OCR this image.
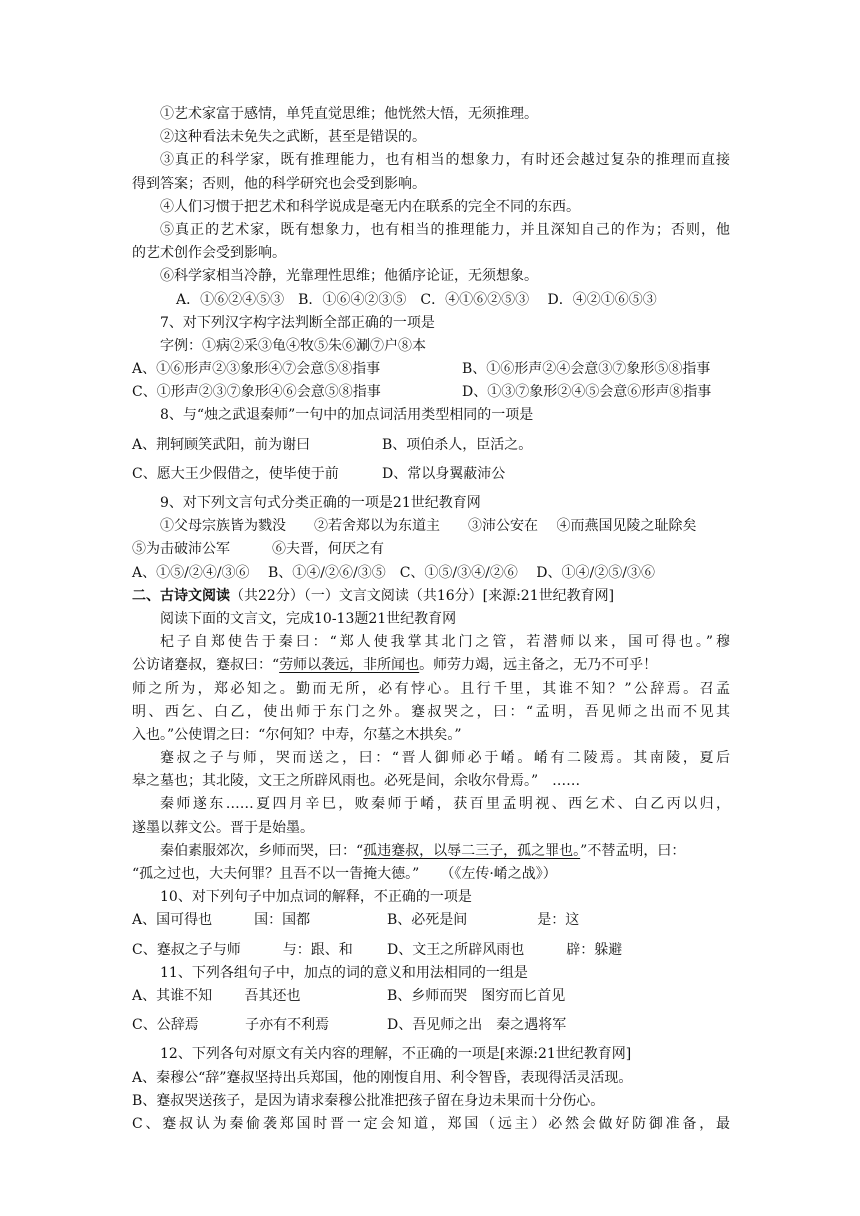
①艺术家富于感情，单凭直觉思维；他恍然大悟，无须推理。
②这种看法未免失之武断，甚至是错误的。
③真正的科学家，既有推理能力，也有相当的想象力，有时还会越过复杂的推理而直接
得到答案；否则，他的科学研究也会受到影响。
④人们习惯于把艺术和科学说成是毫无内在联系的完全不同的东西。
⑤真正的艺术家，既有想象力，也有相当的推理能力，并且深知自己的作为；否则，他
的艺术创作会受到影响。
⑥科学家相当冷静，光靠理性思维；他循序论证，无须想象。
A．①⑥②④⑤③　B．①⑥④②③⑤　C．④①⑥②⑤③　 D．④②①⑥⑤③
7、对下列汉字构字法判断全部正确的一项是
字例：①病②采③龟④牧⑤朱⑥涮⑦户⑧本
A、①⑥形声②③象形④⑦会意⑤⑧指事	B、①⑥形声②④会意③⑦象形⑤⑧指事
C、①形声②③⑦象形④⑥会意⑤⑧指事	D、①③⑦象形②④⑤会意⑥形声⑧指事
8、与“烛之武退秦师”一句中的加点词活用类型相同的一项是
A、荆轲顾笑武阳，前为谢曰	B、项伯杀人，臣活之。
C、愿大王少假借之，使毕使于前	D、常以身翼蔽沛公
9、对下列文言句式分类正确的一项是21世纪教育网
①父母宗族皆为戮没　　②若舍郑以为东道主　　③沛公安在　 ④而燕国见陵之耻除矣
⑤为击破沛公军　　　⑥夫晋，何厌之有
A、①⑤/②④/③⑥　 B、①④/②⑥/③⑤　C、①⑤/③④/②⑥　 D、①④/②⑤/③⑥
二、古诗文阅读（共22分）（一）文言文阅读（共16分）[来源:21世纪教育网]
阅读下面的文言文，完成10-13题21世纪教育网
杞子自郑使告于秦曰：“郑人使我掌其北门之管，若潜师以来，国可得也。”穆
公访诸蹇叔，蹇叔曰：“劳师以袭远，非所闻也。师劳力竭，远主备之，无乃不可乎！
师之所为，郑必知之。勤而无所，必有悖心。且行千里，其谁不知？”公辞焉。召孟
明、西乞、白乙，使出师于东门之外。蹇叔哭之，曰：“孟明，吾见师之出而不见其
入也。”公使谓之曰：“尔何知？中寿，尔墓之木拱矣。”
蹇叔之子与师，哭而送之，曰：“晋人御师必于崤。崤有二陵焉。其南陵，夏后
皋之墓也；其北陵，文王之所辟风雨也。必死是间，余收尔骨焉。”　……
秦师遂东……夏四月辛巳，败秦师于崤，获百里孟明视、西乞术、白乙丙以归，
遂墨以葬文公。晋于是始墨。
秦伯素服郊次，乡师而哭，曰：“孤违蹇叔，以辱二三子，孤之罪也。”不替孟明，曰：
“孤之过也，大夫何罪？且吾不以一眚掩大德。”　　（《左传·崤之战》）
10、对下列句子中加点词的解释，不正确的一项是
A、国可得也　　　国：国都	B、必死是间　　　　　是：这
C、蹇叔之子与师　　　与：跟、和	D、文王之所辟风雨也　　　辟：躲避
11、下列各组句子中，加点的词的意义和用法相同的一组是
A、其谁不知　　 吾其还也	B、乡师而哭　图穷而匕首见
C、公辞焉　　　 子亦有不利焉	D、吾见师之出　秦之遇将军
12、下列各句对原文有关内容的理解，不正确的一项是[来源:21世纪教育网]
A、秦穆公“辞”蹇叔坚持出兵郑国，他的刚愎自用、利令智昏，表现得活灵活现。
B、蹇叔哭送孩子，是因为请求秦穆公批准把孩子留在身边未果而十分伤心。
C、蹇叔认为秦偷袭郑国时晋一定会知道，郑国（远主）必然会做好防御准备，最
